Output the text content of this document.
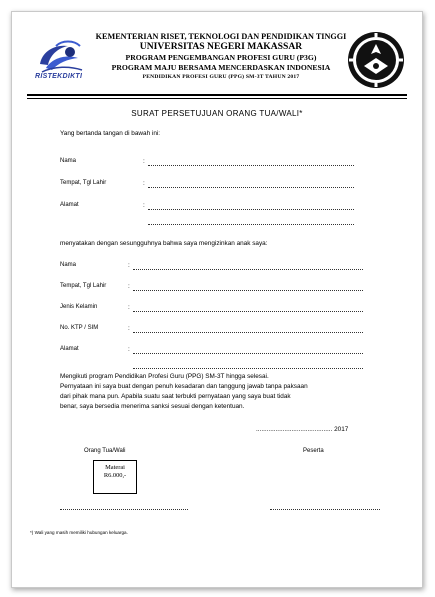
RISTEKDIKTI
KEMENTERIAN RISET, TEKNOLOGI DAN PENDIDIKAN TINGGI
UNIVERSITAS NEGERI MAKASSAR
PROGRAM PENGEMBANGAN PROFESI GURU (P3G)
PROGRAM MAJU BERSAMA MENCERDASKAN INDONESIA
PENDIDIKAN PROFESI GURU (PPG) SM-3T TAHUN 2017
SURAT PERSETUJUAN ORANG TUA/WALI*
Yang bertanda tangan di bawah ini:
Nama	:
Tempat, Tgl Lahir	:
Alamat	:
menyatakan dengan sesungguhnya bahwa saya mengizinkan anak saya:
Nama	:
Tempat, Tgl Lahir	:
Jenis Kelamin	:
No. KTP / SIM	:
Alamat	:
Mengikuti program Pendidikan Profesi Guru (PPG) SM-3T hingga selesai.
Pernyataan ini saya buat dengan penuh kesadaran dan tanggung jawab tanpa paksaan
dari pihak mana pun. Apabila suatu saat terbukti pernyataan yang saya buat tidak
benar, saya bersedia menerima sanksi sesuai dengan ketentuan.
........................................... 2017
Orang Tua/Wali	Peserta
Materai
R6.000,-
*) Wali yang masih memiliki hubungan keluarga.
